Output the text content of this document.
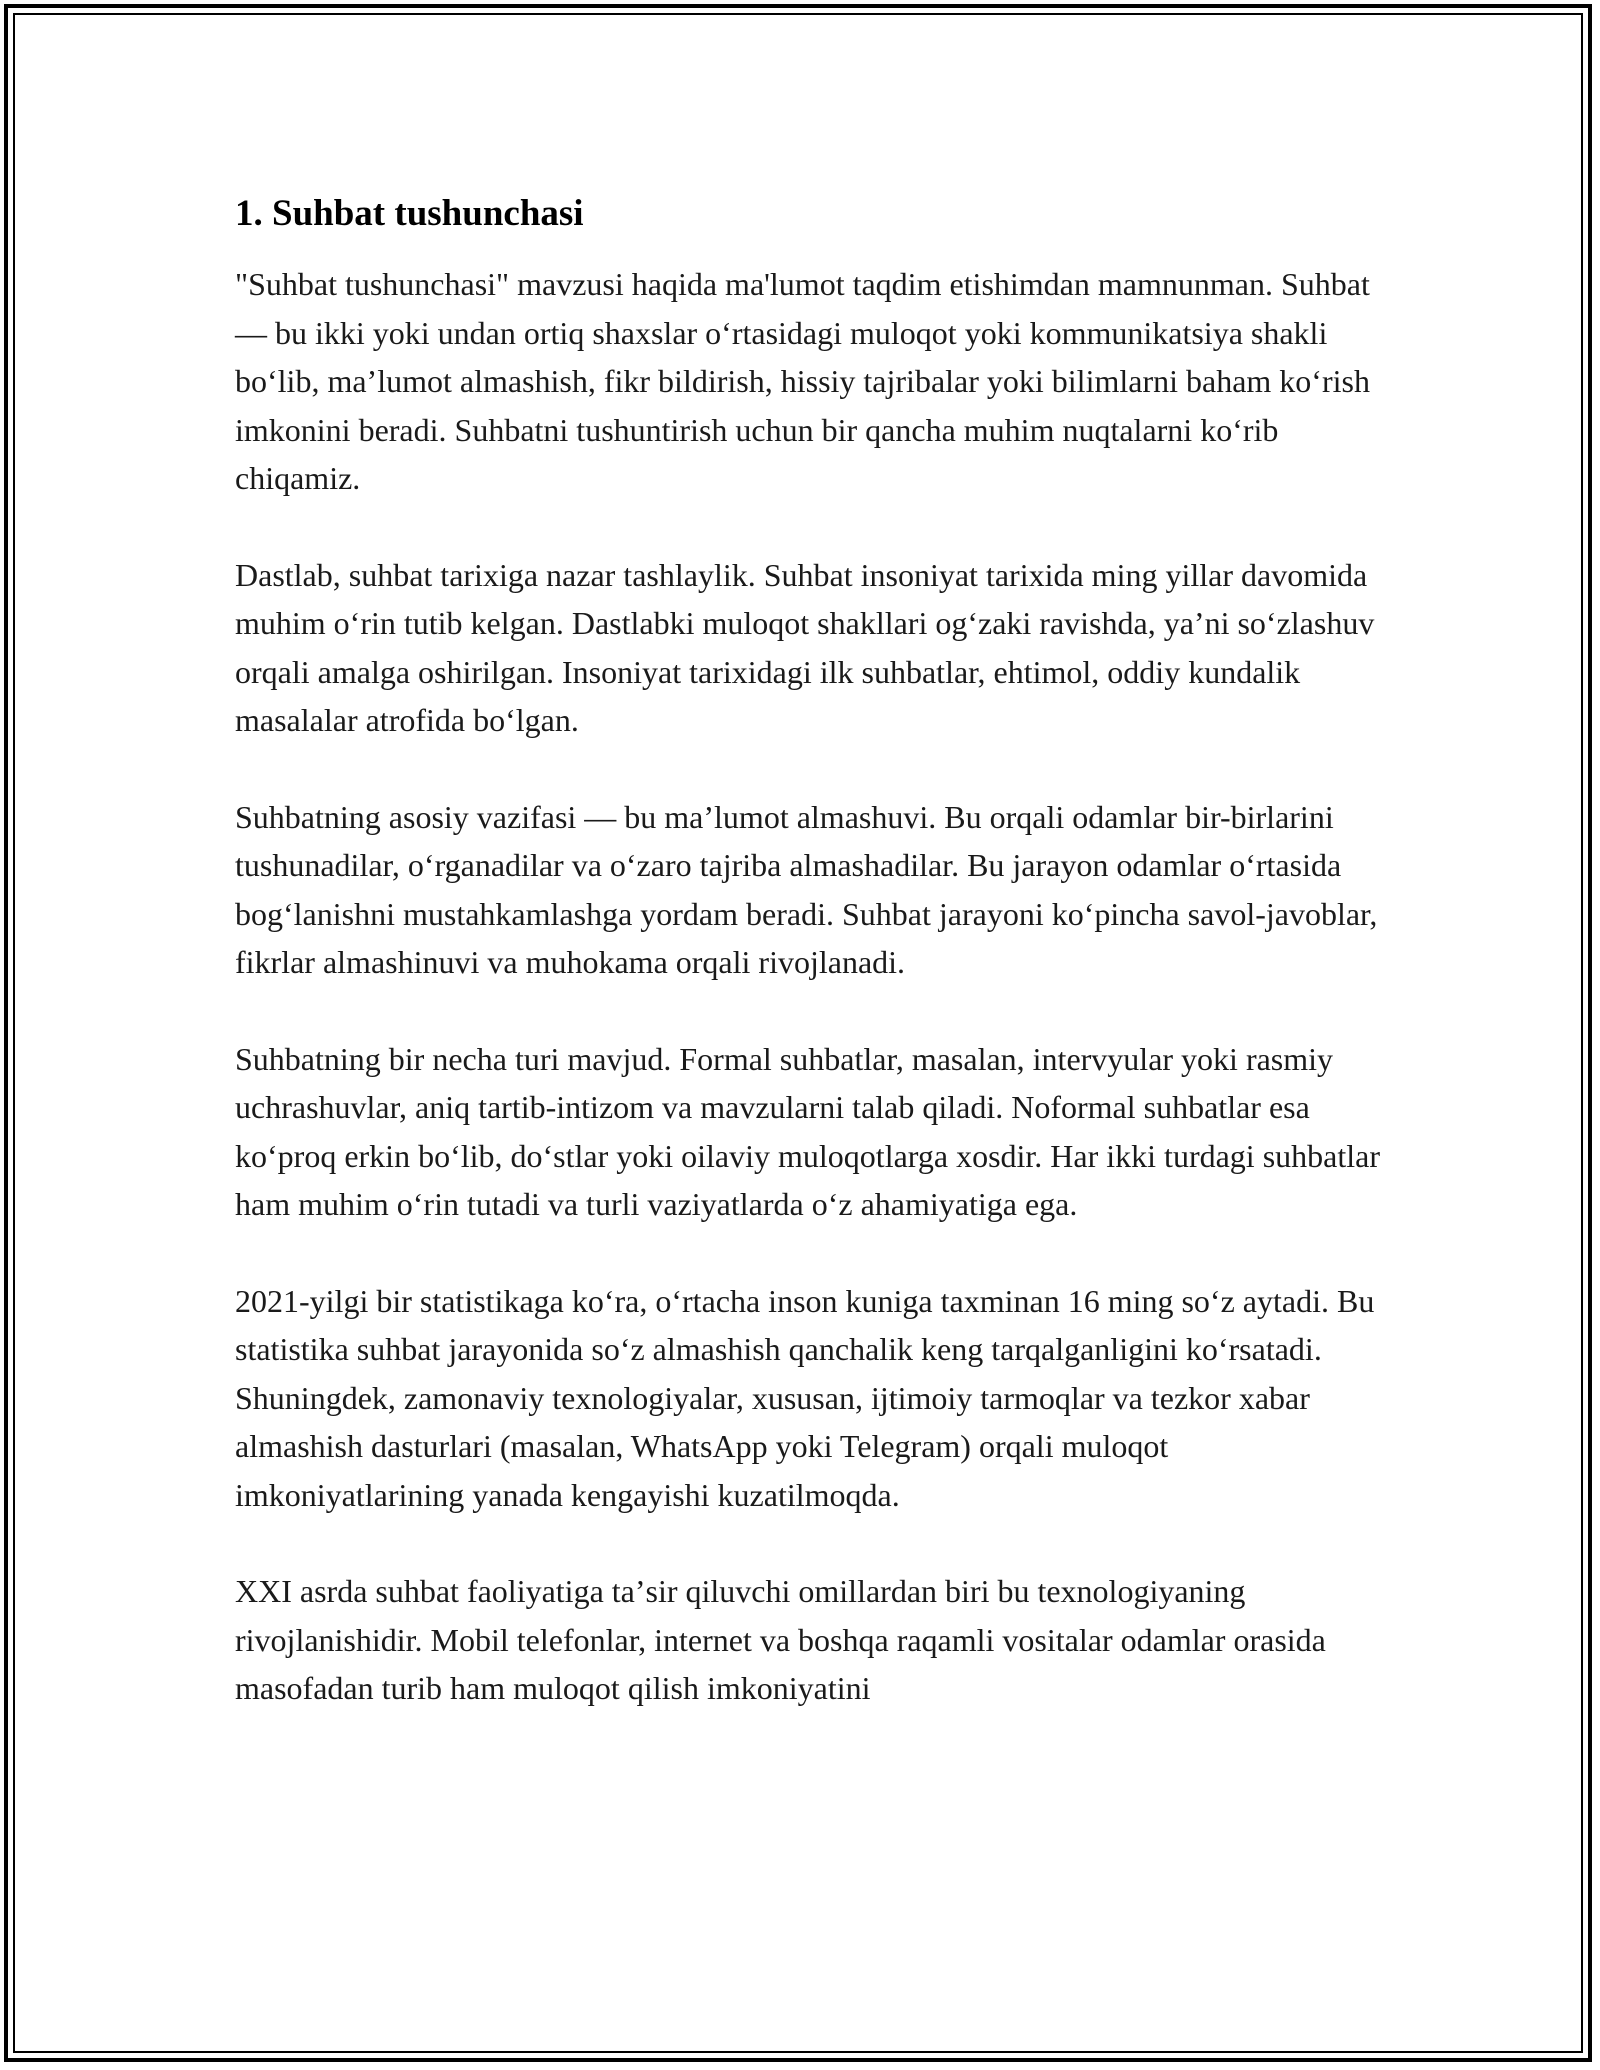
1. Suhbat tushunchasi

"Suhbat tushunchasi" mavzusi haqida ma'lumot taqdim etishimdan mamnunman. Suhbat — bu ikki yoki undan ortiq shaxslar oʻrtasidagi muloqot yoki kommunikatsiya shakli boʻlib, maʼlumot almashish, fikr bildirish, hissiy tajribalar yoki bilimlarni baham koʻrish imkonini beradi. Suhbatni tushuntirish uchun bir qancha muhim nuqtalarni koʻrib chiqamiz.

Dastlab, suhbat tarixiga nazar tashlaylik. Suhbat insoniyat tarixida ming yillar davomida muhim oʻrin tutib kelgan. Dastlabki muloqot shakllari ogʻzaki ravishda, yaʼni soʻzlashuv orqali amalga oshirilgan. Insoniyat tarixidagi ilk suhbatlar, ehtimol, oddiy kundalik masalalar atrofida boʻlgan.

Suhbatning asosiy vazifasi — bu maʼlumot almashuvi. Bu orqali odamlar bir-birlarini tushunadilar, oʻrganadilar va oʻzaro tajriba almashadilar. Bu jarayon odamlar oʻrtasida bogʻlanishni mustahkamlashga yordam beradi. Suhbat jarayoni koʻpincha savol-javoblar, fikrlar almashinuvi va muhokama orqali rivojlanadi.

Suhbatning bir necha turi mavjud. Formal suhbatlar, masalan, intervyular yoki rasmiy uchrashuvlar, aniq tartib-intizom va mavzularni talab qiladi. Noformal suhbatlar esa koʻproq erkin boʻlib, doʻstlar yoki oilaviy muloqotlarga xosdir. Har ikki turdagi suhbatlar ham muhim oʻrin tutadi va turli vaziyatlarda oʻz ahamiyatiga ega.

2021-yilgi bir statistikaga koʻra, oʻrtacha inson kuniga taxminan 16 ming soʻz aytadi. Bu statistika suhbat jarayonida soʻz almashish qanchalik keng tarqalganligini koʻrsatadi. Shuningdek, zamonaviy texnologiyalar, xususan, ijtimoiy tarmoqlar va tezkor xabar almashish dasturlari (masalan, WhatsApp yoki Telegram) orqali muloqot imkoniyatlarining yanada kengayishi kuzatilmoqda.

XXI asrda suhbat faoliyatiga taʼsir qiluvchi omillardan biri bu texnologiyaning rivojlanishidir. Mobil telefonlar, internet va boshqa raqamli vositalar odamlar orasida masofadan turib ham muloqot qilish imkoniyatini
